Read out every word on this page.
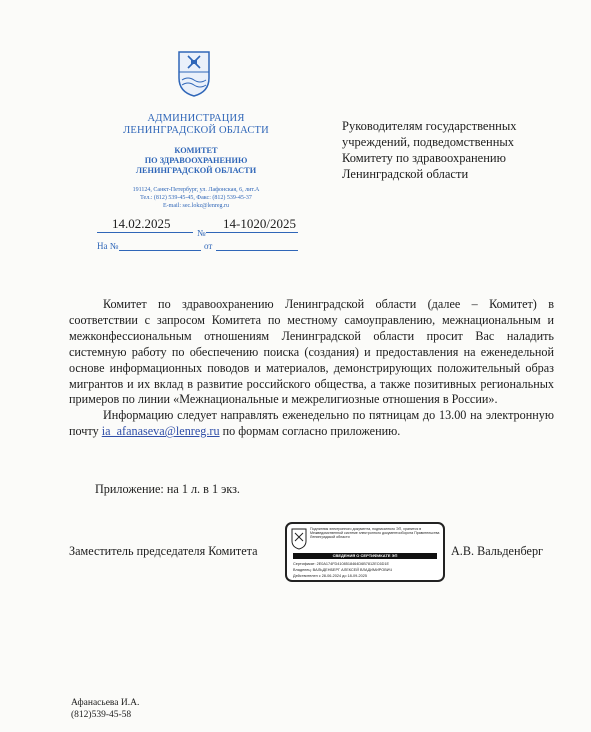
АДМИНИСТРАЦИЯ
ЛЕНИНГРАДСКОЙ ОБЛАСТИ
КОМИТЕТ
ПО ЗДРАВООХРАНЕНИЮ
ЛЕНИНГРАДСКОЙ ОБЛАСТИ
191124, Санкт-Петербург, ул. Лафонская, 6, лит.А
Тел.: (812) 539-45-45, Факс: (812) 539-45-37
E-mail: sec.lokz@lenreg.ru
14.02.2025	14-1020/2025
№
На №	от
Руководителям государственных учреждений, подведомственных Комитету по здравоохранению Ленинградской области

Комитет по здравоохранению Ленинградской области (далее – Комитет) в соответствии с запросом Комитета по местному самоуправлению, межнациональным и межконфессиональным отношениям Ленинградской области просит Вас наладить системную работу по обеспечению поиска (создания) и предоставления на еженедельной основе информационных поводов и материалов, демонстрирующих положительный образ мигрантов и их вклад в развитие российского общества, а также позитивных региональных примеров по линии «Межнациональные и межрелигиозные отношения в России».

Информацию следует направлять еженедельно по пятницам до 13.00 на электронную почту ia_afanaseva@lenreg.ru по формам согласно приложению.

Приложение: на 1 л. в 1 экз.
Заместитель председателя Комитета
Подлинник электронного документа, подписанного ЭП, хранится в Межведомственной системе электронного документооборота Правительства Ленинградской области
СВЕДЕНИЯ О СЕРТИФИКАТЕ ЭП
Сертификат: 2E0A174FD4108518464D6B7812EC6D1E
Владелец: ВАЛЬДЕНБЕРГ АЛЕКСЕЙ ВЛАДИМИРОВИЧ
Действителен с 28-06-2024 до 18-09-2025
А.В. Вальденберг
Афанасьева И.А.
(812)539-45-58
